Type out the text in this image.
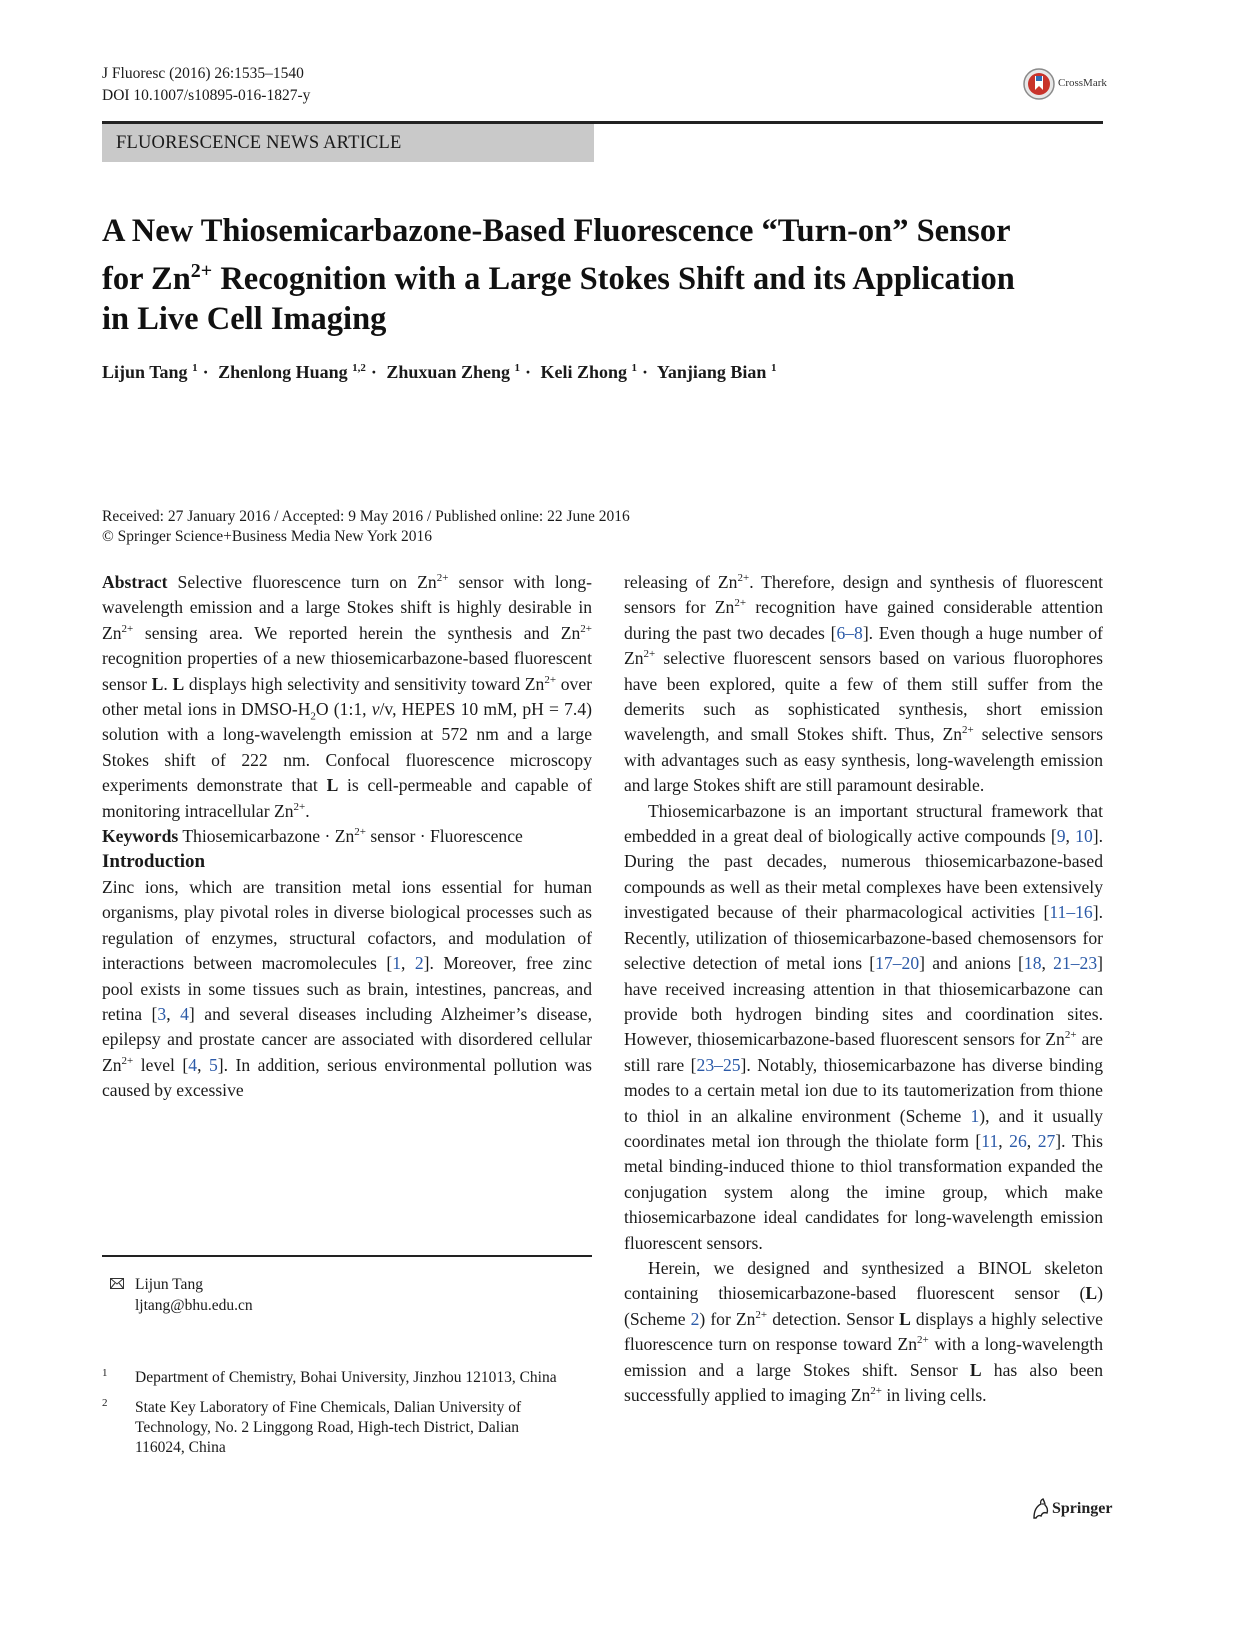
J Fluoresc (2016) 26:1535–1540
DOI 10.1007/s10895-016-1827-y
CrossMark
FLUORESCENCE NEWS ARTICLE
A New Thiosemicarbazone-Based Fluorescence “Turn-on” Sensor
for $Zn^{2+}$ Recognition with a Large Stokes Shift and its Application
in Live Cell Imaging
Lijun Tang $^1$ · Zhenlong Huang $^{1,2}$ · Zhuxuan Zheng $^1$ · Keli Zhong $^1$ · Yanjiang Bian $^1$
Received: 27 January 2016 / Accepted: 9 May 2016 / Published online: 22 June 2016
© Springer Science+Business Media New York 2016

Abstract Selective fluorescence turn on $Zn^{2+}$ sensor with long-wavelength emission and a large Stokes shift is highly desirable in $Zn^{2+}$ sensing area. We reported herein the synthesis and $Zn^{2+}$ recognition properties of a new thiosemicarbazone-based fluorescent sensor L. L displays high selectivity and sensitivity toward $Zn^{2+}$ over other metal ions in DMSO-$H_2O$ (1:1, v/v, HEPES 10 mM, pH = 7.4) solution with a long-wavelength emission at 572 nm and a large Stokes shift of 222 nm. Confocal fluorescence microscopy experiments demonstrate that L is cell-permeable and capable of monitoring intracellular $Zn^{2+}$.

Keywords Thiosemicarbazone · $Zn^{2+}$ sensor · Fluorescence

Introduction

Zinc ions, which are transition metal ions essential for human organisms, play pivotal roles in diverse biological processes such as regulation of enzymes, structural cofactors, and modulation of interactions between macromolecules [1, 2]. Moreover, free zinc pool exists in some tissues such as brain, intestines, pancreas, and retina [3, 4] and several diseases including Alzheimer’s disease, epilepsy and prostate cancer are associated with disordered cellular $Zn^{2+}$ level [4, 5]. In addition, serious environmental pollution was caused by excessive

releasing of $Zn^{2+}$. Therefore, design and synthesis of fluorescent sensors for $Zn^{2+}$ recognition have gained considerable attention during the past two decades [6–8]. Even though a huge number of $Zn^{2+}$ selective fluorescent sensors based on various fluorophores have been explored, quite a few of them still suffer from the demerits such as sophisticated synthesis, short emission wavelength, and small Stokes shift. Thus, $Zn^{2+}$ selective sensors with advantages such as easy synthesis, long-wavelength emission and large Stokes shift are still paramount desirable.

Thiosemicarbazone is an important structural framework that embedded in a great deal of biologically active compounds [9, 10]. During the past decades, numerous thiosemicarbazone-based compounds as well as their metal complexes have been extensively investigated because of their pharmacological activities [11–16]. Recently, utilization of thiosemicarbazone-based chemosensors for selective detection of metal ions [17–20] and anions [18, 21–23] have received increasing attention in that thiosemicarbazone can provide both hydrogen binding sites and coordination sites. However, thiosemicarbazone-based fluorescent sensors for $Zn^{2+}$ are still rare [23–25]. Notably, thiosemicarbazone has diverse binding modes to a certain metal ion due to its tautomerization from thione to thiol in an alkaline environment (Scheme 1), and it usually coordinates metal ion through the thiolate form [11, 26, 27]. This metal binding-induced thione to thiol transformation expanded the conjugation system along the imine group, which make thiosemicarbazone ideal candidates for long-wavelength emission fluorescent sensors.

Herein, we designed and synthesized a BINOL skeleton containing thiosemicarbazone-based fluorescent sensor (L) (Scheme 2) for $Zn^{2+}$ detection. Sensor L displays a highly selective fluorescence turn on response toward $Zn^{2+}$ with a long-wavelength emission and a large Stokes shift. Sensor L has also been successfully applied to imaging $Zn^{2+}$ in living cells.

Lijun Tang
ljtang@bhu.edu.cn
1 Department of Chemistry, Bohai University, Jinzhou 121013, China
2 State Key Laboratory of Fine Chemicals, Dalian University of Technology, No. 2 Linggong Road, High-tech District, Dalian 116024, China
Springer
